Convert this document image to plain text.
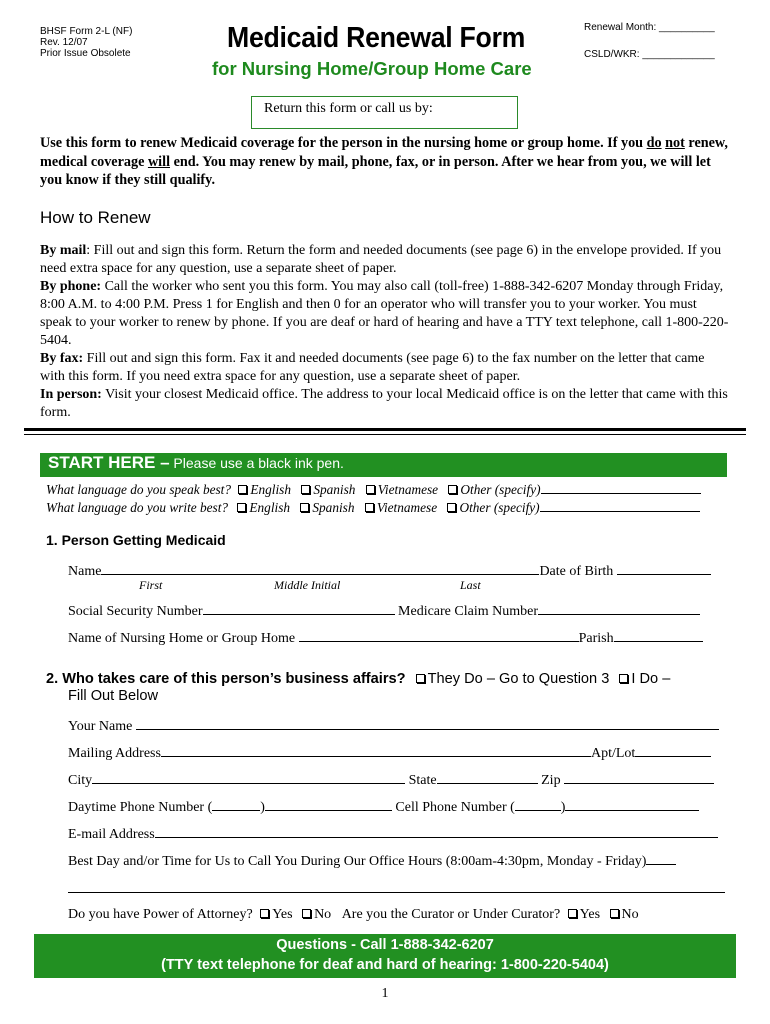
BHSF Form 2-L (NF)
Rev. 12/07
Prior Issue Obsolete	Medicaid Renewal Form
for Nursing Home/Group Home Care
Renewal Month: __________
CSLD/WKR: _____________
Return this form or call us by:
Use this form to renew Medicaid coverage for the person in the nursing home or group home. If you do not renew, medical coverage will end. You may renew by mail, phone, fax, or in person. After we hear from you, we will let you know if they still qualify.
How to Renew
By mail: Fill out and sign this form. Return the form and needed documents (see page 6) in the envelope provided. If you need extra space for any question, use a separate sheet of paper.
By phone: Call the worker who sent you this form. You may also call (toll-free) 1-888-342-6207 Monday through Friday, 8:00 A.M. to 4:00 P.M. Press 1 for English and then 0 for an operator who will transfer you to your worker. You must speak to your worker to renew by phone. If you are deaf or hard of hearing and have a TTY text telephone, call 1-800-220-5404.
By fax: Fill out and sign this form. Fax it and needed documents (see page 6) to the fax number on the letter that came with this form. If you need extra space for any question, use a separate sheet of paper.
In person: Visit your closest Medicaid office. The address to your local Medicaid office is on the letter that came with this form.
START HERE – Please use a black ink pen.
What language do you speak best? English Spanish Vietnamese Other (specify)
What language do you write best? English Spanish Vietnamese Other (specify)
1. Person Getting Medicaid
Name	Date of Birth
First	Middle Initial	Last
Social Security Number	Medicare Claim Number
Name of Nursing Home or Group Home	Parish
2. Who takes care of this person’s business affairs? They Do – Go to Question 3 I Do –
Fill Out Below
Your Name
Mailing Address	Apt/Lot
City	State	Zip
Daytime Phone Number (	)	Cell Phone Number (	)
E-mail Address
Best Day and/or Time for Us to Call You During Our Office Hours (8:00am-4:30pm, Monday - Friday)
Do you have Power of Attorney? Yes No Are you the Curator or Under Curator? Yes No
Questions - Call 1-888-342-6207
(TTY text telephone for deaf and hard of hearing: 1-800-220-5404)
1
